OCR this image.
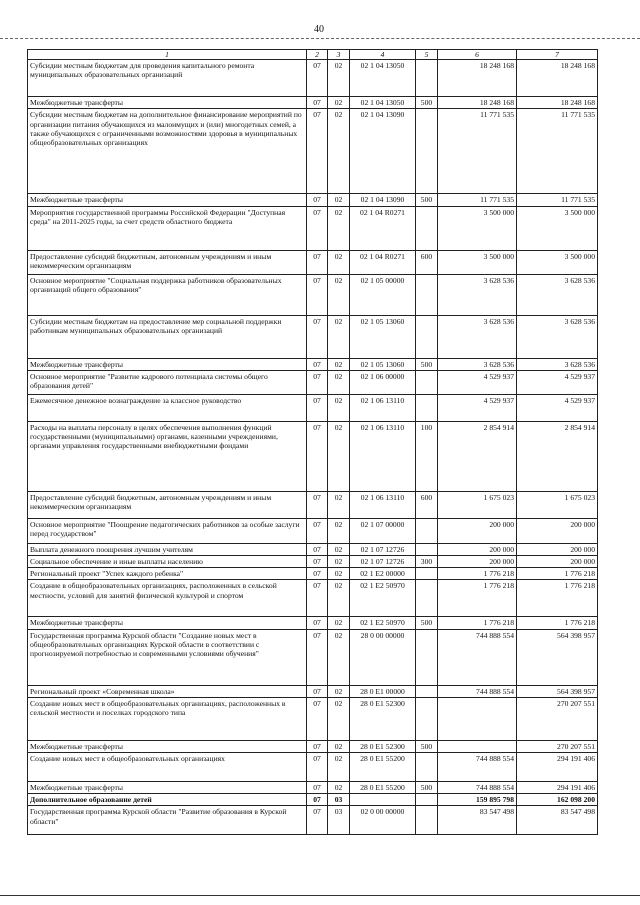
40
1	2	3	4	5	6	7
Субсидии местным бюджетам для проведения капитального ремонта муниципальных образовательных организаций	07	02	02 1 04 13050		18 248 168	18 248 168
Межбюджетные трансферты	07	02	02 1 04 13050	500	18 248 168	18 248 168
Субсидии местным бюджетам на дополнительное финансирование мероприятий по организации питания обучающихся из малоимущих и (или) многодетных семей, а также обучающихся с ограниченными возможностями здоровья в муниципальных общеобразовательных организациях	07	02	02 1 04 13090		11 771 535	11 771 535
Межбюджетные трансферты	07	02	02 1 04 13090	500	11 771 535	11 771 535
Мероприятия государственной программы Российской Федерации "Доступная среда" на 2011-2025 годы, за счет средств областного бюджета	07	02	02 1 04 R0271		3 500 000	3 500 000
Предоставление субсидий бюджетным, автономным учреждениям и иным некоммерческим организациям	07	02	02 1 04 R0271	600	3 500 000	3 500 000
Основное мероприятие "Социальная поддержка работников образовательных организаций общего образования"	07	02	02 1 05 00000		3 628 536	3 628 536
Субсидии местным бюджетам на предоставление мер социальной поддержки работникам муниципальных образовательных организаций	07	02	02 1 05 13060		3 628 536	3 628 536
Межбюджетные трансферты	07	02	02 1 05 13060	500	3 628 536	3 628 536
Основное мероприятие "Развитие кадрового потенциала системы общего образования детей"	07	02	02 1 06 00000		4 529 937	4 529 937
Ежемесячное денежное вознаграждение за классное руководство	07	02	02 1 06 13110		4 529 937	4 529 937
Расходы на выплаты персоналу в целях обеспечения выполнения функций государственными (муниципальными) органами, казенными учреждениями, органами управления государственными внебюджетными фондами	07	02	02 1 06 13110	100	2 854 914	2 854 914
Предоставление субсидий бюджетным, автономным учреждениям и иным некоммерческим организациям	07	02	02 1 06 13110	600	1 675 023	1 675 023
Основное мероприятие "Поощрение педагогических работников за особые заслуги перед государством"	07	02	02 1 07 00000		200 000	200 000
Выплата денежного поощрения лучшим учителям	07	02	02 1 07 12726		200 000	200 000
Социальное обеспечение и иные выплаты населению	07	02	02 1 07 12726	300	200 000	200 000
Региональный проект "Успех каждого ребенка"	07	02	02 1 E2 00000		1 776 218	1 776 218
Создание в общеобразовательных организациях, расположенных в сельской местности, условий для занятий физической культурой и спортом	07	02	02 1 E2 50970		1 776 218	1 776 218
Межбюджетные трансферты	07	02	02 1 E2 50970	500	1 776 218	1 776 218
Государственная программа Курской области "Создание новых мест в общеобразовательных организациях Курской области в соответствии с прогнозируемой потребностью и современными условиями обучения"	07	02	28 0 00 00000		744 888 554	564 398 957
Региональный проект «Современная школа»	07	02	28 0 E1 00000		744 888 554	564 398 957
Создание новых мест в общеобразовательных организациях, расположенных в сельской местности и поселках городского типа	07	02	28 0 E1 52300			270 207 551
Межбюджетные трансферты	07	02	28 0 E1 52300	500		270 207 551
Создание новых мест в общеобразовательных организациях	07	02	28 0 E1 55200		744 888 554	294 191 406
Межбюджетные трансферты	07	02	28 0 E1 55200	500	744 888 554	294 191 406
Дополнительное образование детей	07	03			159 895 798	162 098 200
Государственная программа Курской области "Развитие образования в Курской области"	07	03	02 0 00 00000		83 547 498	83 547 498
